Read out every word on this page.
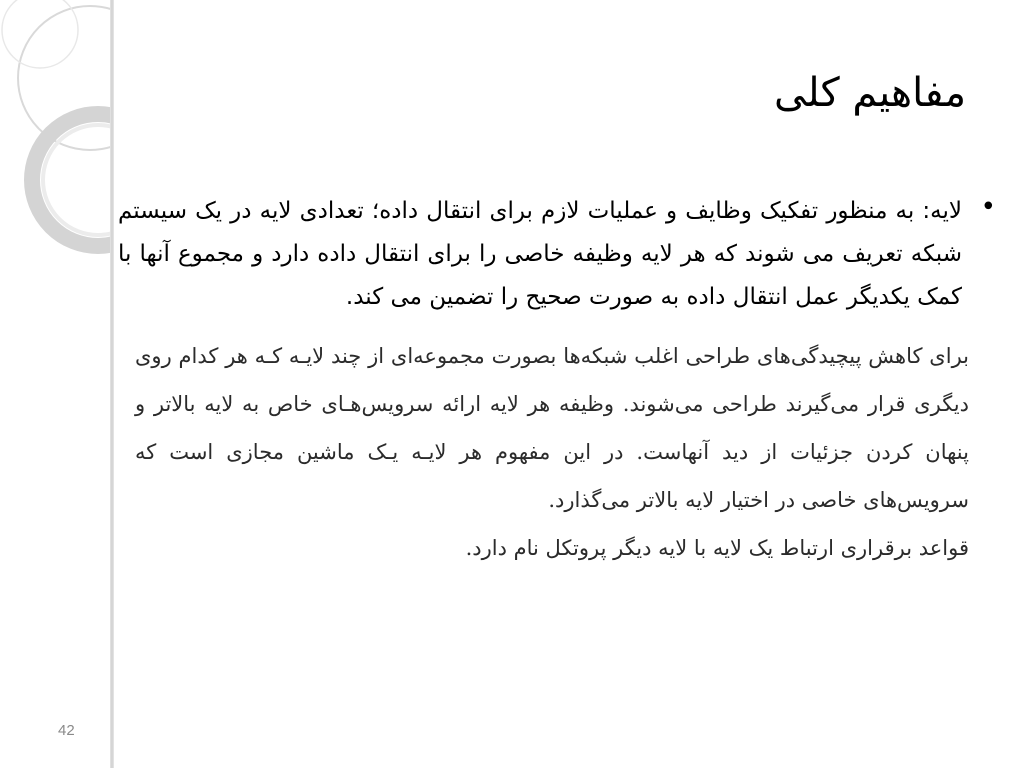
مفاهیم کلی
•
لایه: به منظور تفکیک وظایف و عملیات لازم برای انتقال داده؛ تعدادی لایه در یک سیستم شبکه تعریف می شوند که هر لایه وظیفه خاصی را برای انتقال داده دارد و مجموع آنها با کمک یکدیگر عمل انتقال داده به صورت صحیح را تضمین می کند.

برای کاهش پیچیدگی‌های طراحی اغلب شبکه‌ها بصورت مجموعه‌ای از چند لایـه کـه هر کدام روی دیگری قرار می‌گیرند طراحی می‌شوند. وظیفه هر لایه ارائه سرویس‌هـای خاص به لایه بالاتر و پنهان کردن جزئیات از دید آنهاست. در این مفهوم هر لایـه یـک ماشین مجازی است که سرویس‌های خاصی در اختیار لایه بالاتر می‌گذارد.

قواعد برقراری ارتباط یک لایه با لایه دیگر پروتکل نام دارد.

42
